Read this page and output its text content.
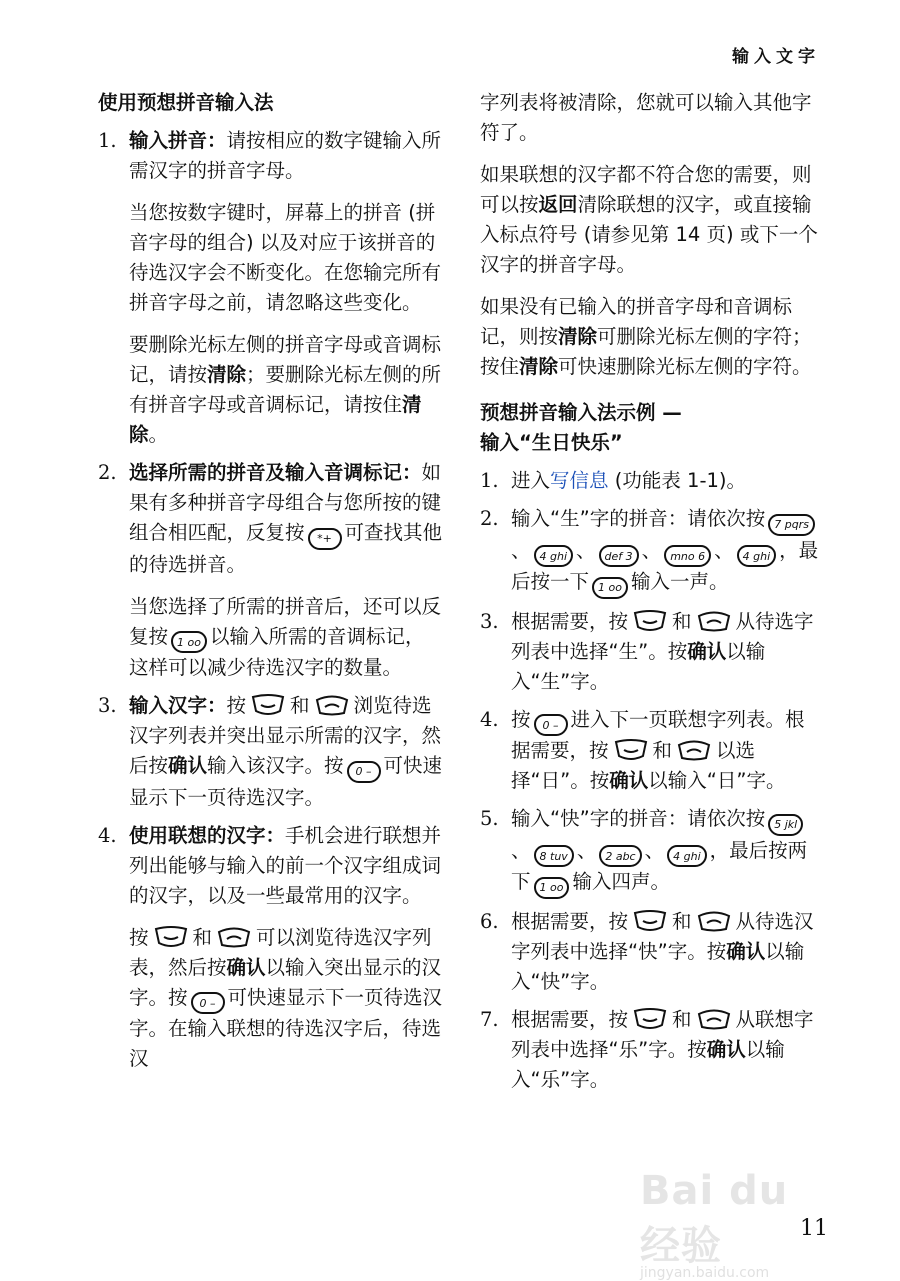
输入文字
使用预想拼音输入法
1. 输入拼音：请按相应的数字键输入所需汉字的拼音字母。

当您按数字键时，屏幕上的拼音 (拼音字母的组合) 以及对应于该拼音的待选汉字会不断变化。在您输完所有拼音字母之前，请忽略这些变化。

要删除光标左侧的拼音字母或音调标记，请按清除；要删除光标左侧的所有拼音字母或音调标记，请按住清除。

2. 选择所需的拼音及输入音调标记：如果有多种拼音字母组合与您所按的键组合相匹配，反复按 *+ 可查找其他的待选拼音。

当您选择了所需的拼音后，还可以反复按 1 oo 以输入所需的音调标记，这样可以减少待选汉字的数量。

3. 输入汉字：按 和 浏览待选汉字列表并突出显示所需的汉字，然后按确认输入该汉字。按 0 – 可快速显示下一页待选汉字。

4. 使用联想的汉字：手机会进行联想并列出能够与输入的前一个汉字组成词的汉字，以及一些最常用的汉字。

按 和 可以浏览待选汉字列表，然后按确认以输入突出显示的汉字。按 0 – 可快速显示下一页待选汉字。在输入联想的待选汉字后，待选汉

字列表将被清除，您就可以输入其他字符了。

如果联想的汉字都不符合您的需要，则可以按返回清除联想的汉字，或直接输入标点符号 (请参见第 14 页) 或下一个汉字的拼音字母。

如果没有已输入的拼音字母和音调标记，则按清除可删除光标左侧的字符；按住清除可快速删除光标左侧的字符。

预想拼音输入法示例 —
输入“生日快乐”
1. 进入写信息 (功能表 1-1)。
2. 输入“生”字的拼音：请依次按 7 pqrs、 4 ghi 、 def 3 、 mno 6 、 4 ghi ，最后按一下 1 oo 输入一声。
3. 根据需要，按 和 从待选字列表中选择“生”。按确认以输入“生”字。
4. 按 0 – 进入下一页联想字列表。根据需要，按 和 以选择“日”。按确认以输入“日”字。
5. 输入“快”字的拼音：请依次按 5 jkl、 8 tuv 、 2 abc 、 4 ghi ，最后按两下 1 oo 输入四声。
6. 根据需要，按 和 从待选汉字列表中选择“快”字。按确认以输入“快”字。
7. 根据需要，按 和 从联想字列表中选择“乐”字。按确认以输入“乐”字。
Bai du 经验
jingyan.baidu.com
11
